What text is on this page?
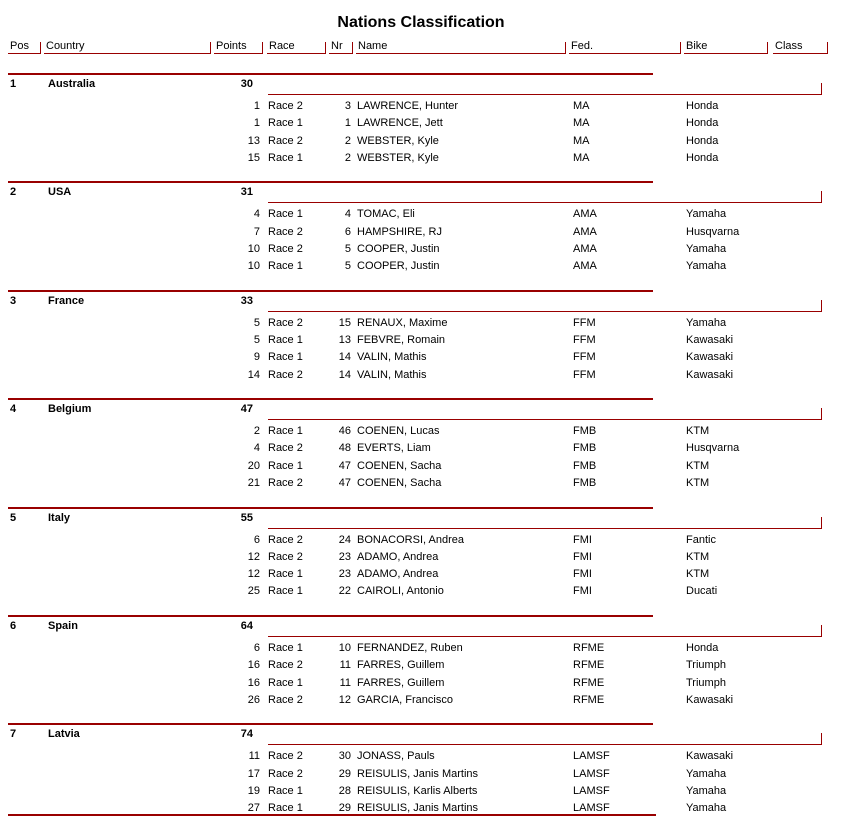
Nations Classification
Pos	Country	Points	Race	Nr	Name	Fed.	Bike	Class
1	Australia	30
1 Race 2	3 LAWRENCE, Hunter	MA	Honda
1 Race 1	1 LAWRENCE, Jett	MA	Honda
13 Race 2	2 WEBSTER, Kyle	MA	Honda
15 Race 1	2 WEBSTER, Kyle	MA	Honda
2	USA	31
4 Race 1	4 TOMAC, Eli	AMA	Yamaha
7 Race 2	6 HAMPSHIRE, RJ	AMA	Husqvarna
10 Race 2	5 COOPER, Justin	AMA	Yamaha
10 Race 1	5 COOPER, Justin	AMA	Yamaha
3	France	33
5 Race 2	15 RENAUX, Maxime	FFM	Yamaha
5 Race 1	13 FEBVRE, Romain	FFM	Kawasaki
9 Race 1	14 VALIN, Mathis	FFM	Kawasaki
14 Race 2	14 VALIN, Mathis	FFM	Kawasaki
4	Belgium	47
2 Race 1	46 COENEN, Lucas	FMB	KTM
4 Race 2	48 EVERTS, Liam	FMB	Husqvarna
20 Race 1	47 COENEN, Sacha	FMB	KTM
21 Race 2	47 COENEN, Sacha	FMB	KTM
5	Italy	55
6 Race 2	24 BONACORSI, Andrea	FMI	Fantic
12 Race 2	23 ADAMO, Andrea	FMI	KTM
12 Race 1	23 ADAMO, Andrea	FMI	KTM
25 Race 1	22 CAIROLI, Antonio	FMI	Ducati
6	Spain	64
6 Race 1	10 FERNANDEZ, Ruben	RFME	Honda
16 Race 2	11 FARRES, Guillem	RFME	Triumph
16 Race 1	11 FARRES, Guillem	RFME	Triumph
26 Race 2	12 GARCIA, Francisco	RFME	Kawasaki
7	Latvia	74
11 Race 2	30 JONASS, Pauls	LAMSF	Kawasaki
17 Race 2	29 REISULIS, Janis Martins	LAMSF	Yamaha
19 Race 1	28 REISULIS, Karlis Alberts	LAMSF	Yamaha
27 Race 1	29 REISULIS, Janis Martins	LAMSF	Yamaha
